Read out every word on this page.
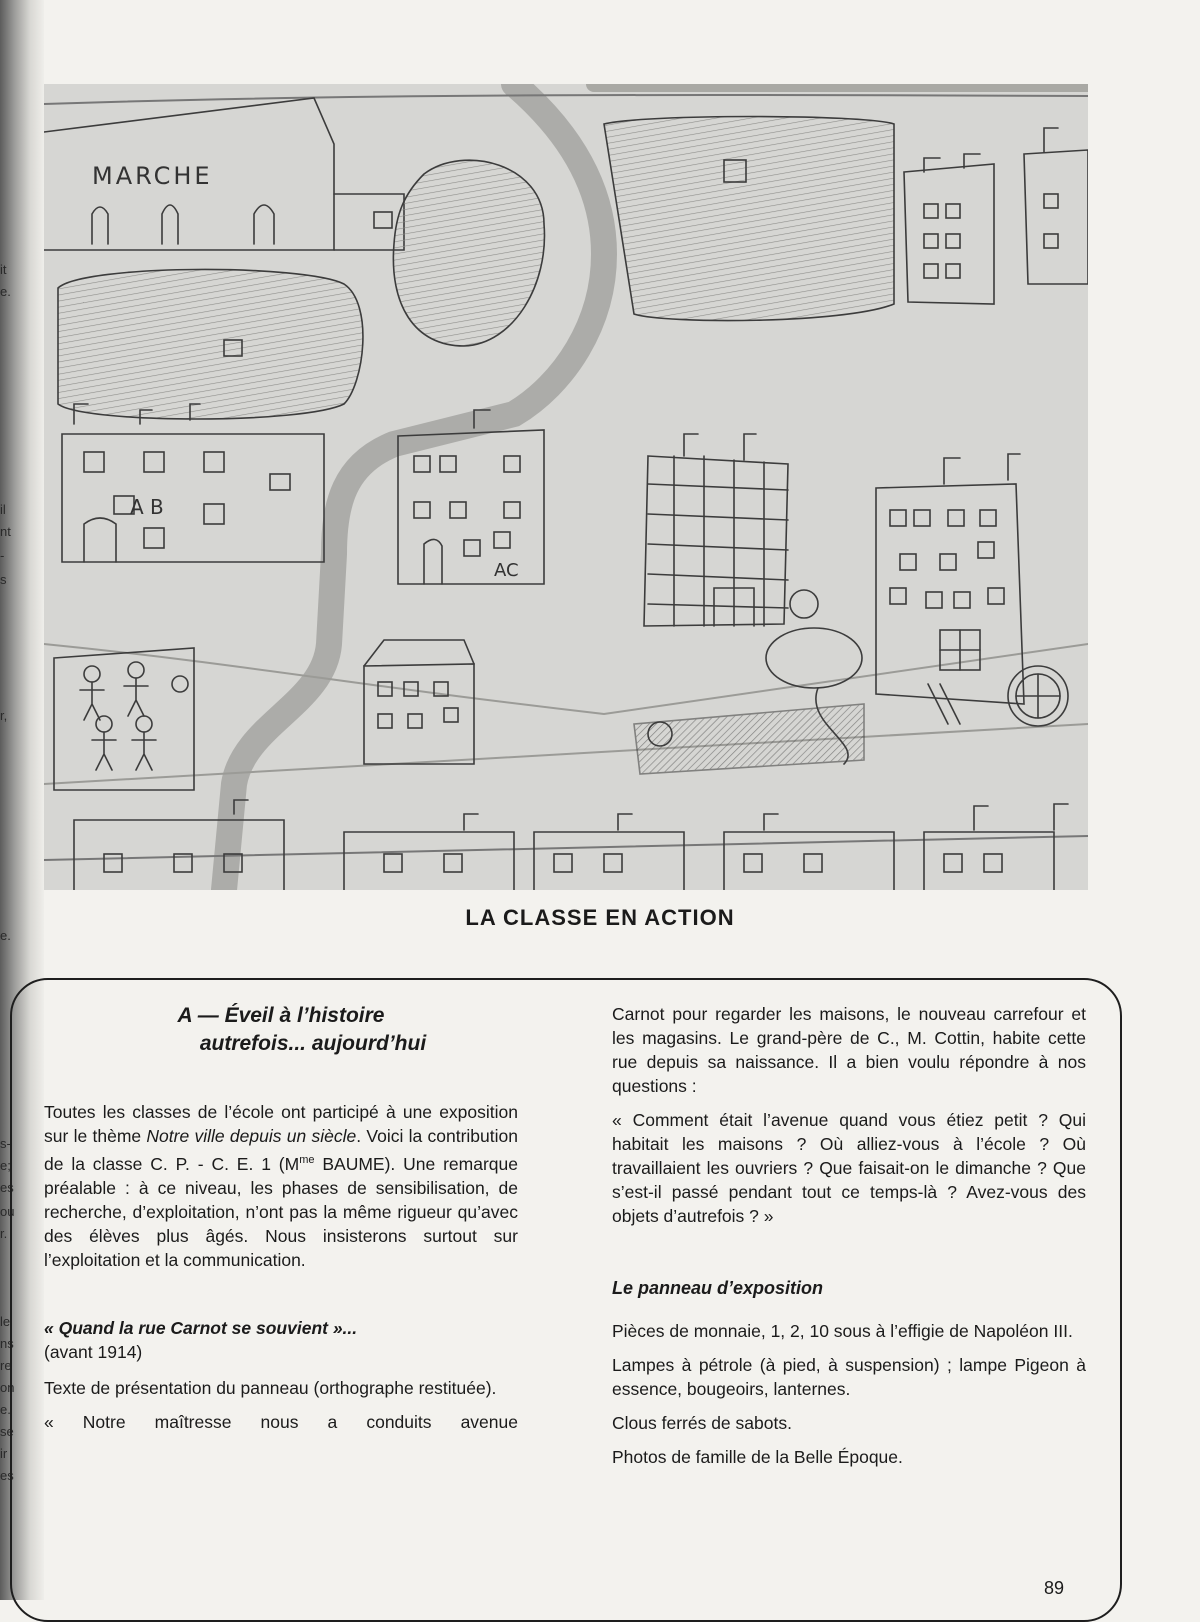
it
e.
il
nt
-
s
r,
e.
s-
e;
es
ou
r.
le
ns
re
on
e.
se
ir
es
MARCHE
A B
AC
LA CLASSE EN ACTION
A — Éveil à l’histoire
autrefois... aujourd’hui

Toutes les classes de l’école ont participé à une exposition sur le thème Notre ville depuis un siècle. Voici la contribution de la classe C. P. - C. E. 1 ($M^{me}$ BAUME). Une remarque préalable : à ce niveau, les phases de sensibilisation, de recherche, d’exploitation, n’ont pas la même rigueur qu’avec des élèves plus âgés. Nous insisterons surtout sur l’exploitation et la communication.

« Quand la rue Carnot se souvient »...
(avant 1914)

Texte de présentation du panneau (orthographe restituée).

« Notre maîtresse nous a conduits avenue

Carnot pour regarder les maisons, le nouveau carrefour et les magasins. Le grand-père de C., M. Cottin, habite cette rue depuis sa naissance. Il a bien voulu répondre à nos questions :

« Comment était l’avenue quand vous étiez petit ? Qui habitait les maisons ? Où alliez-vous à l’école ? Où travaillaient les ouvriers ? Que faisait-on le dimanche ? Que s’est-il passé pendant tout ce temps-là ? Avez-vous des objets d’autrefois ? »

Le panneau d’exposition

Pièces de monnaie, 1, 2, 10 sous à l’effigie de Napoléon III.

Lampes à pétrole (à pied, à suspension) ; lampe Pigeon à essence, bougeoirs, lanternes.

Clous ferrés de sabots.

Photos de famille de la Belle Époque.

89
